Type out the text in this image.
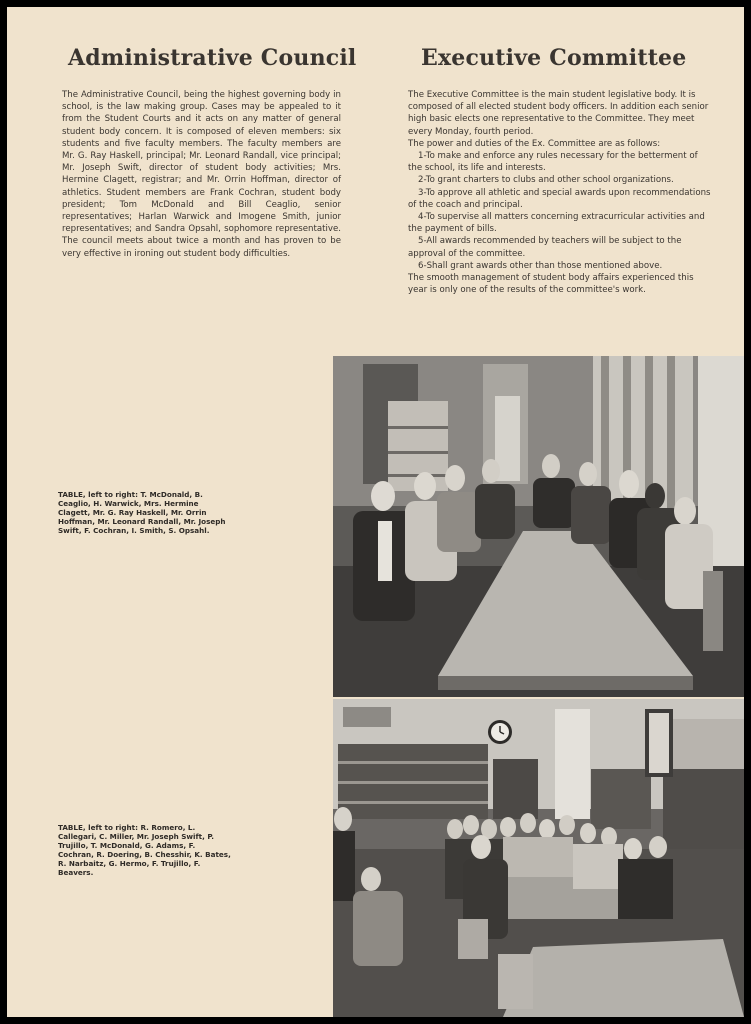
Administrative Council
The Administrative Council, being the highest governing body in school, is the law making group. Cases may be appealed to it from the Student Courts and it acts on any matter of general student body concern. It is composed of eleven members: six students and five faculty members. The faculty members are Mr. G. Ray Haskell, principal; Mr. Leonard Randall, vice principal; Mr. Joseph Swift, director of student body activities; Mrs. Hermine Clagett, registrar; and Mr. Orrin Hoffman, director of athletics. Student members are Frank Cochran, student body president; Tom McDonald and Bill Ceaglio, senior representatives; Harlan Warwick and Imogene Smith, junior representatives; and Sandra Opsahl, sophomore representative. The council meets about twice a month and has proven to be very effective in ironing out student body difficulties.
Executive Committee

The Executive Committee is the main student legislative body. It is composed of all elected student body officers. In addition each senior high basic elects one representative to the Committee. They meet every Monday, fourth period.

The power and duties of the Ex. Committee are as follows:

1-To make and enforce any rules necessary for the betterment of the school, its life and interests.

2-To grant charters to clubs and other school organizations.

3-To approve all athletic and special awards upon recommendations of the coach and principal.

4-To supervise all matters concerning extracurricular activities and the payment of bills.

5-All awards recommended by teachers will be subject to the approval of the committee.

6-Shall grant awards other than those mentioned above.

The smooth management of student body affairs experienced this year is only one of the results of the committee's work.

TABLE, left to right: T. McDonald, B. Ceaglio, H. Warwick, Mrs. Hermine Clagett, Mr. G. Ray Haskell, Mr. Orrin Hoffman, Mr. Leonard Randall, Mr. Joseph Swift, F. Cochran, I. Smith, S. Opsahl.

TABLE, left to right: R. Romero, L. Callegari, C. Miller, Mr. Joseph Swift, P. Trujillo, T. McDonald, G. Adams, F. Cochran, R. Doering, B. Chesshir, K. Bates, R. Narbaitz, G. Hermo, F. Trujillo, F. Beavers.
